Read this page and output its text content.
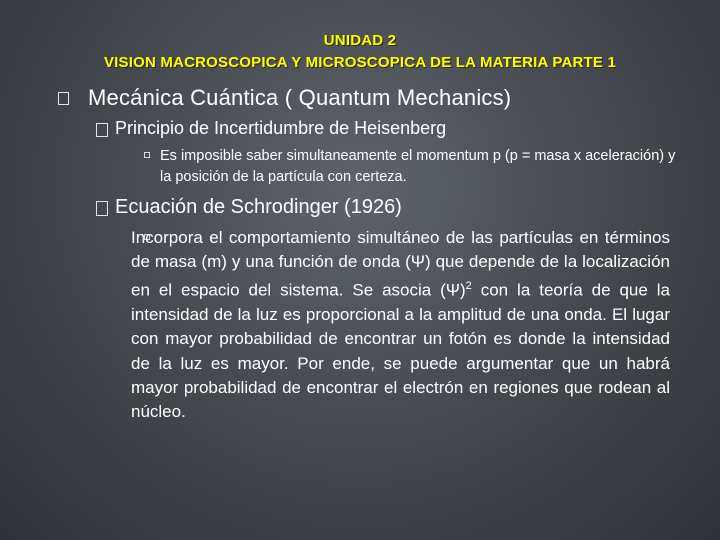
UNIDAD 2
VISION MACROSCOPICA Y MICROSCOPICA DE LA MATERIA PARTE 1
Mecánica Cuántica ( Quantum Mechanics)
Principio de Incertidumbre de Heisenberg
Es imposible saber simultaneamente el momentum p (p = masa x aceleración) y la posición de la partícula con certeza.
Ecuación de Schrodinger (1926)
Incorpora el comportamiento simultáneo de las partículas en términos de masa (m) y una función de onda (Ψ) que depende de la localización en el espacio del sistema. Se asocia $(\Psi)^2$ con la teoría de que la intensidad de la luz es proporcional a la amplitud de una onda. El lugar con mayor probabilidad de encontrar un fotón es donde la intensidad de la luz es mayor. Por ende, se puede argumentar que un habrá mayor probabilidad de encontrar el electrón en regiones que rodean al núcleo.
